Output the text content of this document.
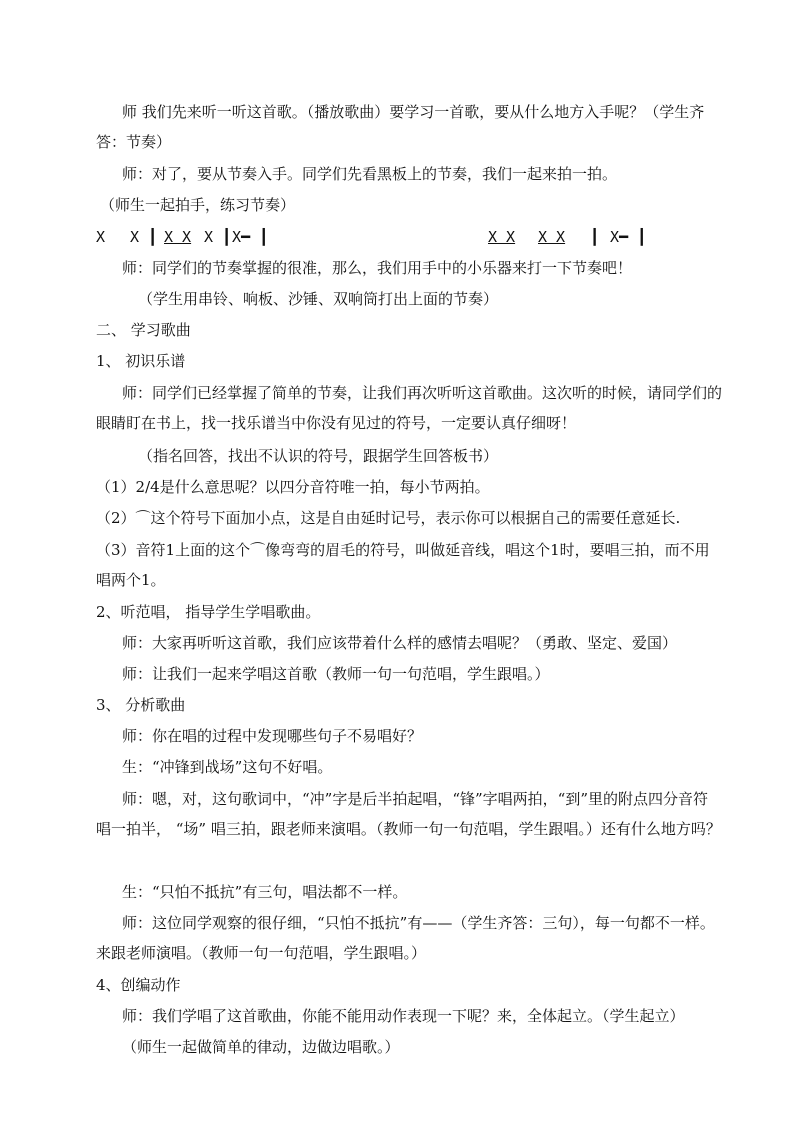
师 我们先来听一听这首歌。（播放歌曲）要学习一首歌，要从什么地方入手呢？（学生齐答：节奏）

师：对了，要从节奏入手。同学们先看黑板上的节奏，我们一起来拍一拍。

（师生一起拍手，练习节奏）

X X ┃ X X X ┃ X━ ┃	X X X X ┃ X━ ┃

师：同学们的节奏掌握的很准，那么，我们用手中的小乐器来打一下节奏吧！

（学生用串铃、响板、沙锤、双响筒打出上面的节奏）

二、 学习歌曲

1、 初识乐谱

师：同学们已经掌握了简单的节奏，让我们再次听听这首歌曲。这次听的时候，请同学们的眼睛盯在书上，找一找乐谱当中你没有见过的符号，一定要认真仔细呀！

（指名回答，找出不认识的符号，跟据学生回答板书）

（1）2/4是什么意思呢？以四分音符唯一拍，每小节两拍。

（2）⌒这个符号下面加小点，这是自由延时记号，表示你可以根据自己的需要任意延长.

（3）音符1上面的这个⌒像弯弯的眉毛的符号，叫做延音线，唱这个1时，要唱三拍，而不用唱两个1。

2、听范唱， 指导学生学唱歌曲。

师：大家再听听这首歌，我们应该带着什么样的感情去唱呢？（勇敢、坚定、爱国）

师：让我们一起来学唱这首歌（教师一句一句范唱，学生跟唱。）

3、 分析歌曲

师：你在唱的过程中发现哪些句子不易唱好？

生：“冲锋到战场”这句不好唱。

师：嗯，对，这句歌词中，“冲”字是后半拍起唱，“锋”字唱两拍，“到”里的附点四分音符唱一拍半， “场” 唱三拍，跟老师来演唱。（教师一句一句范唱，学生跟唱。）还有什么地方吗？

生：“只怕不抵抗”有三句，唱法都不一样。

师：这位同学观察的很仔细，“只怕不抵抗”有——（学生齐答：三句），每一句都不一样。来跟老师演唱。（教师一句一句范唱，学生跟唱。）

4、创编动作

师：我们学唱了这首歌曲，你能不能用动作表现一下呢？来，全体起立。（学生起立）

（师生一起做简单的律动，边做边唱歌。）
